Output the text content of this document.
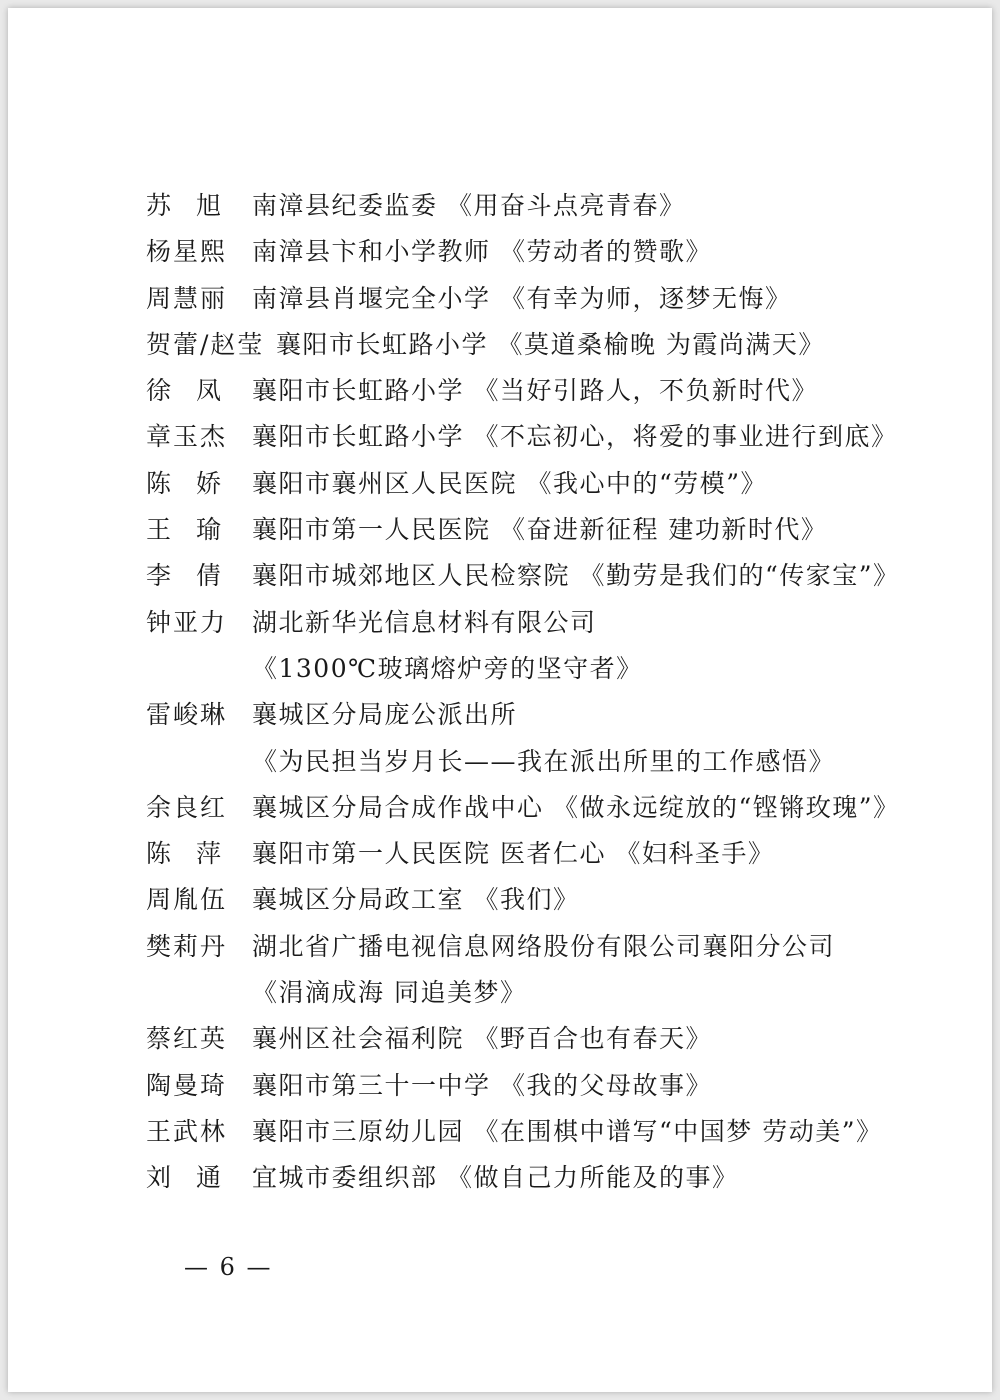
苏 旭 南漳县纪委监委 《用奋斗点亮青春》
杨星熙 南漳县卞和小学教师 《劳动者的赞歌》
周慧丽 南漳县肖堰完全小学 《有幸为师，逐梦无悔》
贺蕾/赵莹 襄阳市长虹路小学 《莫道桑榆晚 为霞尚满天》
徐 凤 襄阳市长虹路小学 《当好引路人，不负新时代》
章玉杰 襄阳市长虹路小学 《不忘初心，将爱的事业进行到底》
陈 娇 襄阳市襄州区人民医院 《我心中的“劳模”》
王 瑜 襄阳市第一人民医院 《奋进新征程 建功新时代》
李 倩 襄阳市城郊地区人民检察院 《勤劳是我们的“传家宝”》
钟亚力 湖北新华光信息材料有限公司
《1300℃玻璃熔炉旁的坚守者》
雷峻琳 襄城区分局庞公派出所
《为民担当岁月长——我在派出所里的工作感悟》
余良红 襄城区分局合成作战中心 《做永远绽放的“铿锵玫瑰”》
陈 萍 襄阳市第一人民医院 医者仁心 《妇科圣手》
周胤伍 襄城区分局政工室 《我们》
樊莉丹 湖北省广播电视信息网络股份有限公司襄阳分公司
《涓滴成海 同追美梦》
蔡红英 襄州区社会福利院 《野百合也有春天》
陶曼琦 襄阳市第三十一中学 《我的父母故事》
王武林 襄阳市三原幼儿园 《在围棋中谱写“中国梦 劳动美”》
刘 通 宜城市委组织部 《做自己力所能及的事》
— 6 —
